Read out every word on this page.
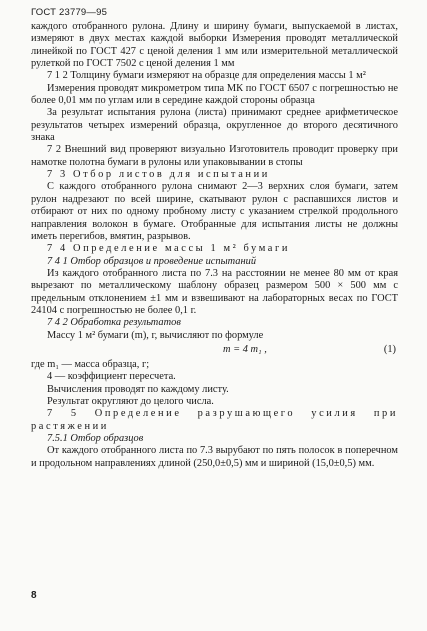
ГОСТ 23779—95

каждого отобранного рулона. Длину и ширину бумаги, выпускаемой в листах, измеряют в двух местах каждой выборки Измерения проводят металлической линейкой по ГОСТ 427 с ценой деления 1 мм или измерительной металлической рулеткой по ГОСТ 7502 с ценой деления 1 мм

7 1 2 Толщину бумаги измеряют на образце для определения массы 1 м²

Измерения проводят микрометром типа МК по ГОСТ 6507 с погрешностью не более 0,01 мм по углам или в середине каждой стороны образца

За результат испытания рулона (листа) принимают среднее арифметическое результатов четырех измерений образца, округленное до второго десятичного знака

7 2 Внешний вид проверяют визуально Изготовитель проводит проверку при намотке полотна бумаги в рулоны или упаковывании в стопы

7 3 Отбор листов для испытании

С каждого отобранного рулона снимают 2—3 верхних слоя бумаги, затем рулон надрезают по всей ширине, скатывают рулон с распавшихся листов и отбирают от них по одному пробному листу с указанием стрелкой продольного направления волокон в бумаге. Отобранные для испытания листы не должны иметь перегибов, вмятин, разрывов.

7 4 Определение массы 1 м² бумаги

7 4 1 Отбор образцов и проведение испытаний

Из каждого отобранного листа по 7.3 на расстоянии не менее 80 мм от края вырезают по металлическому шаблону образец размером 500 × 500 мм с предельным отклонением ±1 мм и взвешивают на лабораторных весах по ГОСТ 24104 с погрешностью не более 0,1 г.

7 4 2 Обработка результатов

Массу 1 м² бумаги (m), г, вычисляют по формуле

m = 4 m₁ ,	(1)

где m₁ — масса образца, г;

4 — коэффициент пересчета.

Вычисления проводят по каждому листу.

Результат округляют до целого числа.

7 5 Определение разрушающего усилия при растяжении

7.5.1 Отбор образцов

От каждого отобранного листа по 7.3 вырубают по пять полосок в поперечном и продольном направлениях длиной (250,0±0,5) мм и шириной (15,0±0,5) мм.

8
